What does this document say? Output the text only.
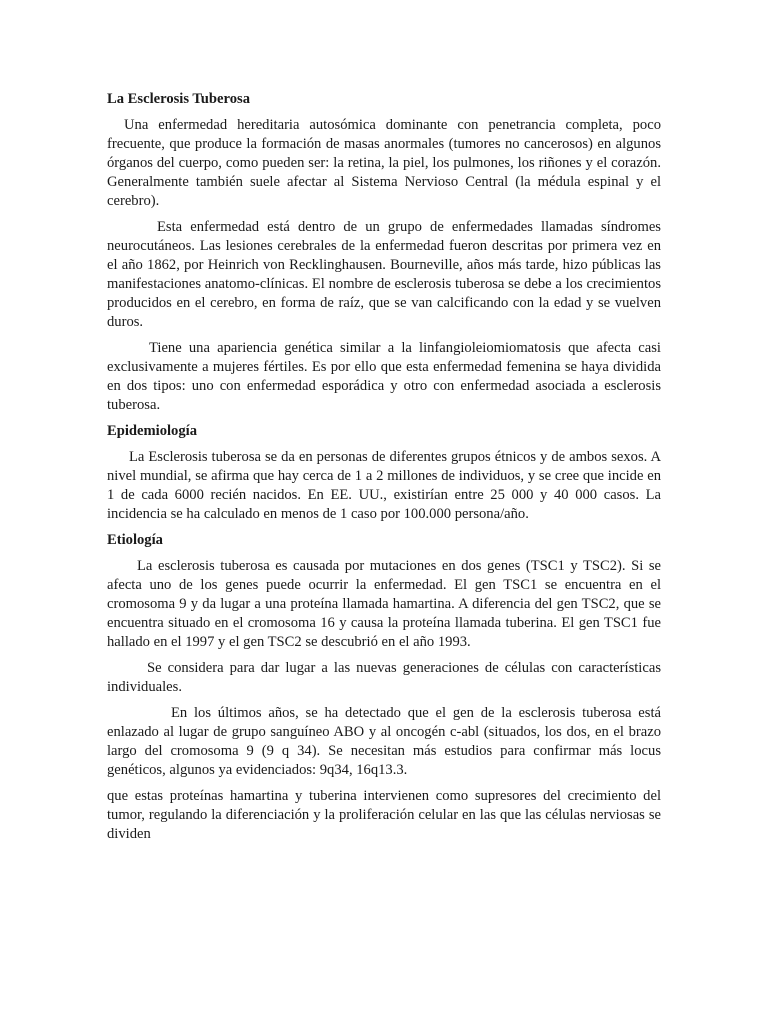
La Esclerosis Tuberosa

Una enfermedad hereditaria autosómica dominante con penetrancia completa, poco frecuente, que produce la formación de masas anormales (tumores no cancerosos) en algunos órganos del cuerpo, como pueden ser: la retina, la piel, los pulmones, los riñones y el corazón. Generalmente también suele afectar al Sistema Nervioso Central (la médula espinal y el cerebro).

Esta enfermedad está dentro de un grupo de enfermedades llamadas síndromes neurocutáneos. Las lesiones cerebrales de la enfermedad fueron descritas por primera vez en el año 1862, por Heinrich von Recklinghausen. Bourneville, años más tarde, hizo públicas las manifestaciones anatomo-clínicas. El nombre de esclerosis tuberosa se debe a los crecimientos producidos en el cerebro, en forma de raíz, que se van calcificando con la edad y se vuelven duros.

Tiene una apariencia genética similar a la linfangioleiomiomatosis que afecta casi exclusivamente a mujeres fértiles. Es por ello que esta enfermedad femenina se haya dividida en dos tipos: uno con enfermedad esporádica y otro con enfermedad asociada a esclerosis tuberosa.

Epidemiología

La Esclerosis tuberosa se da en personas de diferentes grupos étnicos y de ambos sexos. A nivel mundial, se afirma que hay cerca de 1 a 2 millones de individuos, y se cree que incide en 1 de cada 6000 recién nacidos. En EE. UU., existirían entre 25 000 y 40 000 casos. La incidencia se ha calculado en menos de 1 caso por 100.000 persona/año.

Etiología

La esclerosis tuberosa es causada por mutaciones en dos genes (TSC1 y TSC2). Si se afecta uno de los genes puede ocurrir la enfermedad. El gen TSC1 se encuentra en el cromosoma 9 y da lugar a una proteína llamada hamartina. A diferencia del gen TSC2, que se encuentra situado en el cromosoma 16 y causa la proteína llamada tuberina. El gen TSC1 fue hallado en el 1997 y el gen TSC2 se descubrió en el año 1993.

Se considera para dar lugar a las nuevas generaciones de células con características individuales.

En los últimos años, se ha detectado que el gen de la esclerosis tuberosa está enlazado al lugar de grupo sanguíneo ABO y al oncogén c-abl (situados, los dos, en el brazo largo del cromosoma 9 (9 q 34). Se necesitan más estudios para confirmar más locus genéticos, algunos ya evidenciados: 9q34, 16q13.3.

que estas proteínas hamartina y tuberina intervienen como supresores del crecimiento del tumor, regulando la diferenciación y la proliferación celular en las que las células nerviosas se dividen
